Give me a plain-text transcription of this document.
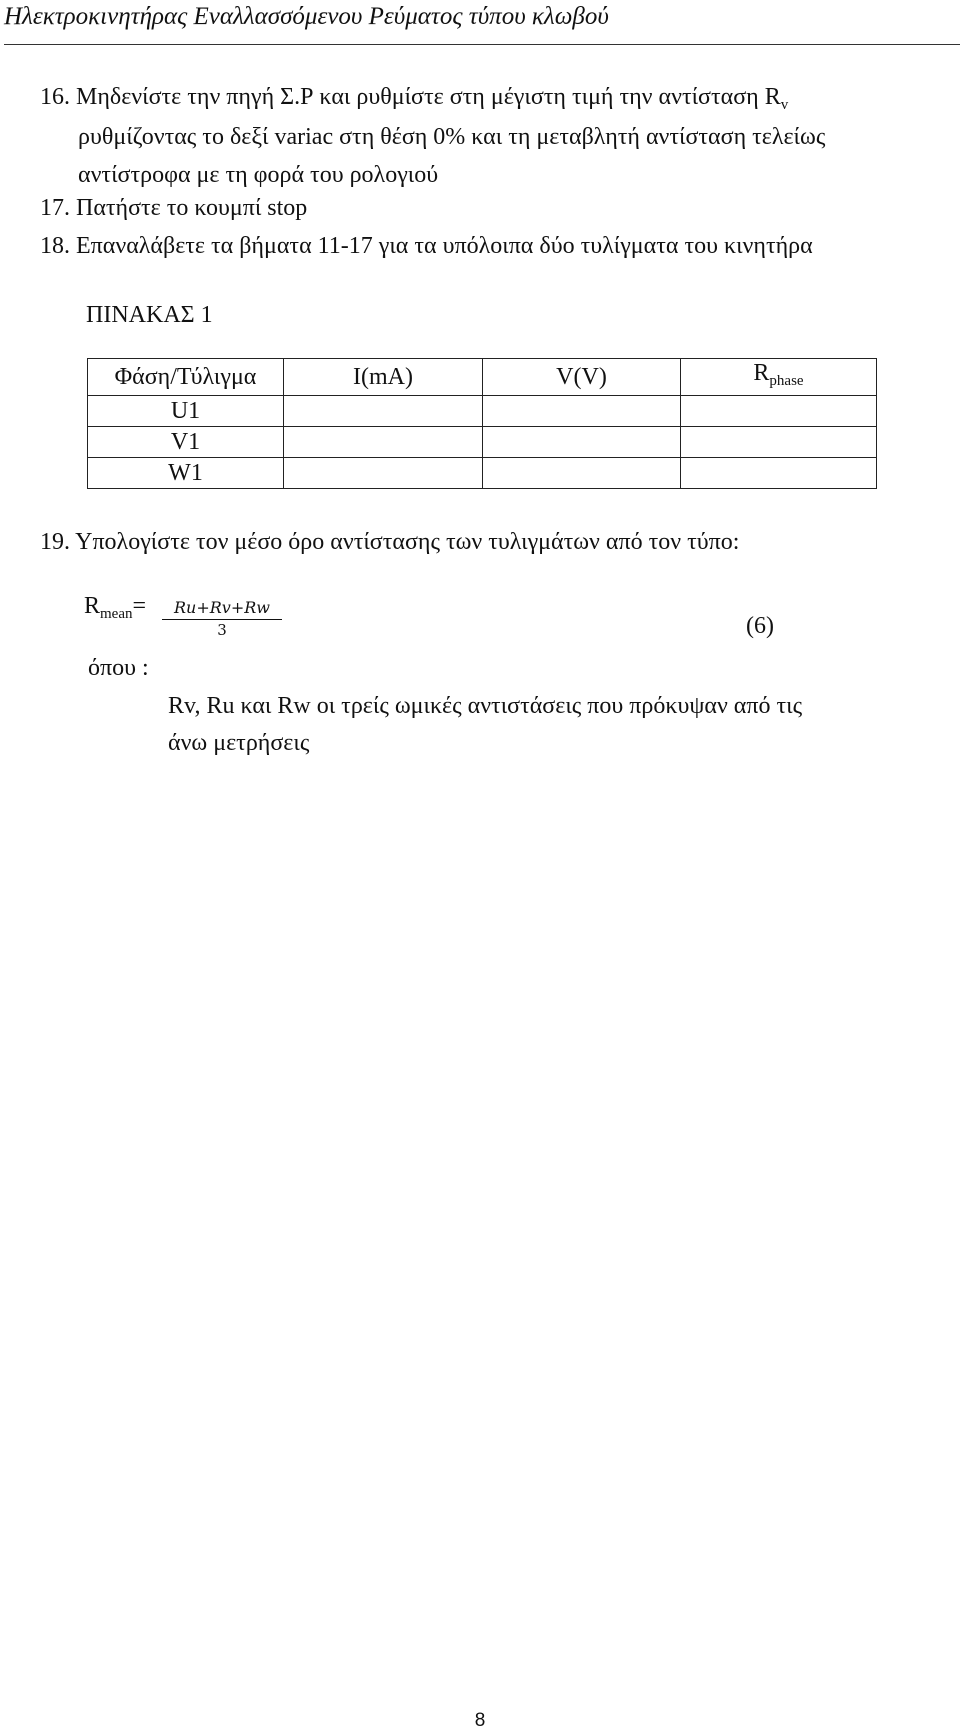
Ηλεκτροκινητήρας Εναλλασσόμενου Ρεύματος τύπου κλωβού
16. Μηδενίστε την πηγή Σ.Ρ και ρυθμίστε στη μέγιστη τιμή την αντίσταση $R_v$
ρυθμίζοντας το δεξί variac στη θέση 0% και τη μεταβλητή αντίσταση τελείως
αντίστροφα με τη φορά του ρολογιού
17. Πατήστε το κουμπί stop
18. Επαναλάβετε τα βήματα 11-17 για τα υπόλοιπα δύο τυλίγματα του κινητήρα
ΠΙΝΑΚΑΣ 1
Φάση/Τύλιγμα	I(mA)	V(V)	$R_{phase}$
U1			
V1			
W1			
19. Υπολογίστε τον μέσο όρο αντίστασης των τυλιγμάτων από τον τύπο:
$R_{mean}=$	Ru+Rv+Rw
3	(6)
όπου :
Rv, Ru και Rw οι τρείς ωμικές αντιστάσεις που πρόκυψαν από τις
άνω μετρήσεις
8
